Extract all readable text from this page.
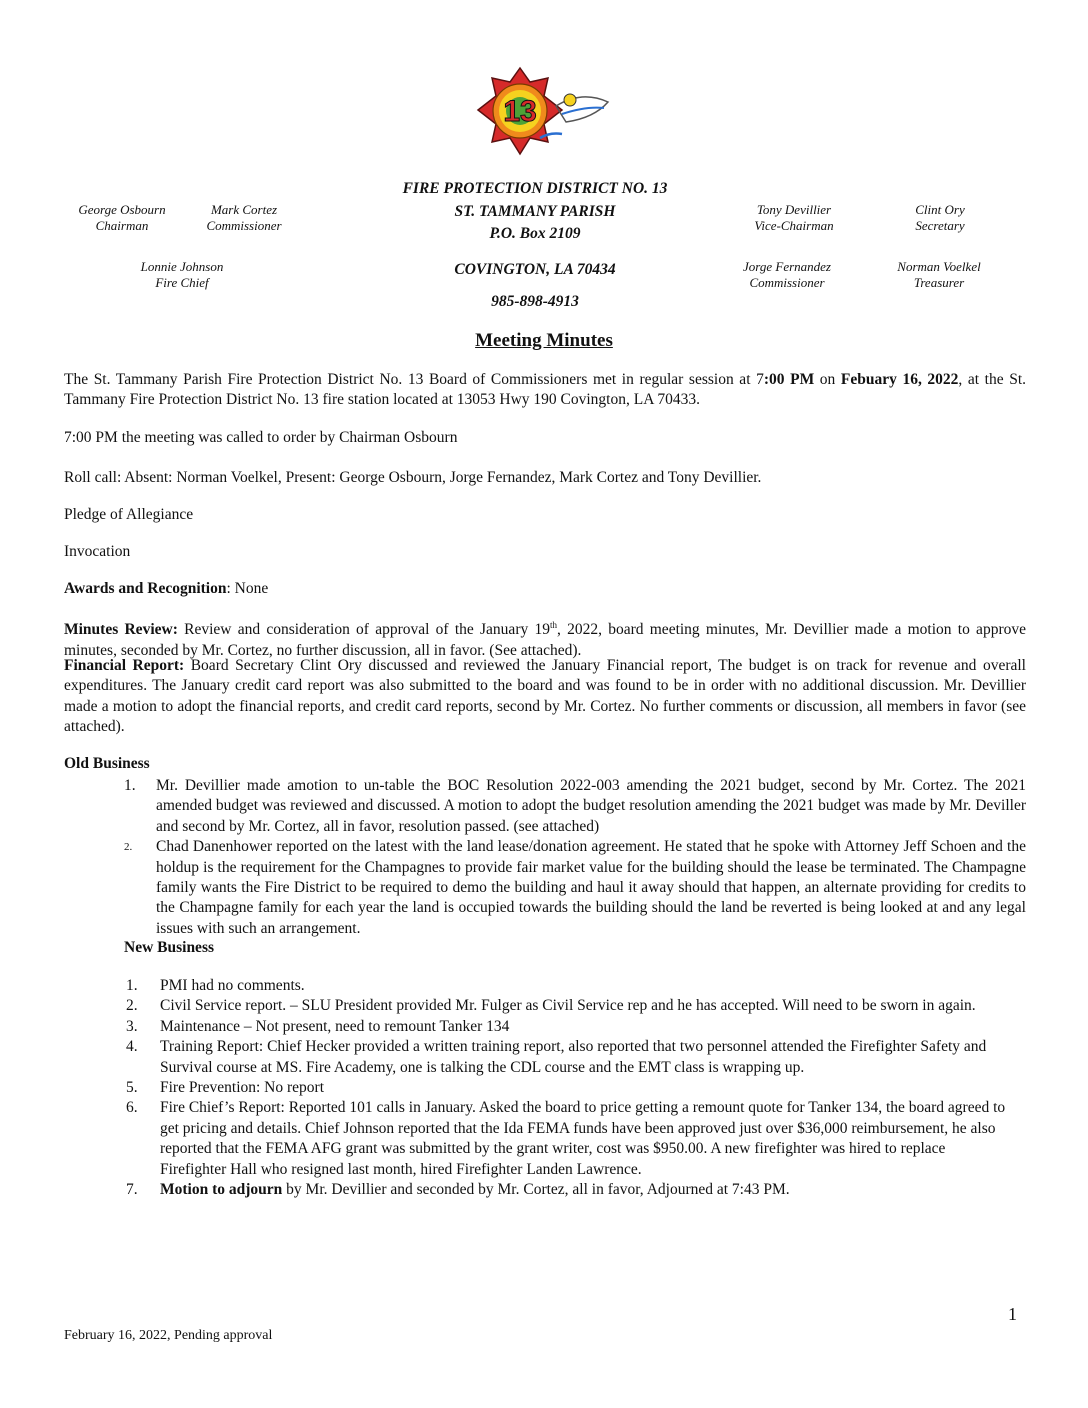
13
George Osbourn
Chairman
Mark Cortez
Commissioner
Lonnie Johnson
Fire Chief
Tony Devillier
Vice-Chairman
Clint Ory
Secretary
Jorge Fernandez
Commissioner
Norman Voelkel
Treasurer
FIRE PROTECTION DISTRICT NO. 13
ST. TAMMANY PARISH
P.O. Box 2109
COVINGTON, LA 70434
985-898-4913
Meeting Minutes
The St. Tammany Parish Fire Protection District No. 13 Board of Commissioners met in regular session at 7:00 PM on Febuary 16, 2022, at the St. Tammany Fire Protection District No. 13 fire station located at 13053 Hwy 190 Covington, LA 70433.
7:00 PM the meeting was called to order by Chairman Osbourn
Roll call: Absent: Norman Voelkel, Present: George Osbourn, Jorge Fernandez, Mark Cortez and Tony Devillier.
Pledge of Allegiance
Invocation
Awards and Recognition: None
Minutes Review: Review and consideration of approval of the January 19th, 2022, board meeting minutes, Mr. Devillier made a motion to approve minutes, seconded by Mr. Cortez, no further discussion, all in favor. (See attached).
Financial Report: Board Secretary Clint Ory discussed and reviewed the January Financial report, The budget is on track for revenue and overall expenditures. The January credit card report was also submitted to the board and was found to be in order with no additional discussion. Mr. Devillier made a motion to adopt the financial reports, and credit card reports, second by Mr. Cortez. No further comments or discussion, all members in favor (see attached).
Old Business
1.	Mr. Devillier made amotion to un-table the BOC Resolution 2022-003 amending the 2021 budget, second by Mr. Cortez. The 2021 amended budget was reviewed and discussed. A motion to adopt the budget resolution amending the 2021 budget was made by Mr. Deviller and second by Mr. Cortez, all in favor, resolution passed. (see attached)
2.	Chad Danenhower reported on the latest with the land lease/donation agreement. He stated that he spoke with Attorney Jeff Schoen and the holdup is the requirement for the Champagnes to provide fair market value for the building should the lease be terminated. The Champagne family wants the Fire District to be required to demo the building and haul it away should that happen, an alternate providing for credits to the Champagne family for each year the land is occupied towards the building should the land be reverted is being looked at and any legal issues with such an arrangement.
New Business
1.	PMI had no comments.
2.	Civil Service report. – SLU President provided Mr. Fulger as Civil Service rep and he has accepted. Will need to be sworn in again.
3.	Maintenance – Not present, need to remount Tanker 134
4.	Training Report: Chief Hecker provided a written training report, also reported that two personnel attended the Firefighter Safety and Survival course at MS. Fire Academy, one is talking the CDL course and the EMT class is wrapping up.
5.	Fire Prevention: No report
6.	Fire Chief’s Report: Reported 101 calls in January. Asked the board to price getting a remount quote for Tanker 134, the board agreed to get pricing and details. Chief Johnson reported that the Ida FEMA funds have been approved just over $36,000 reimbursement, he also reported that the FEMA AFG grant was submitted by the grant writer, cost was $950.00. A new firefighter was hired to replace Firefighter Hall who resigned last month, hired Firefighter Landen Lawrence.
7.	Motion to adjourn by Mr. Devillier and seconded by Mr. Cortez, all in favor, Adjourned at 7:43 PM.
1
February 16, 2022, Pending approval
